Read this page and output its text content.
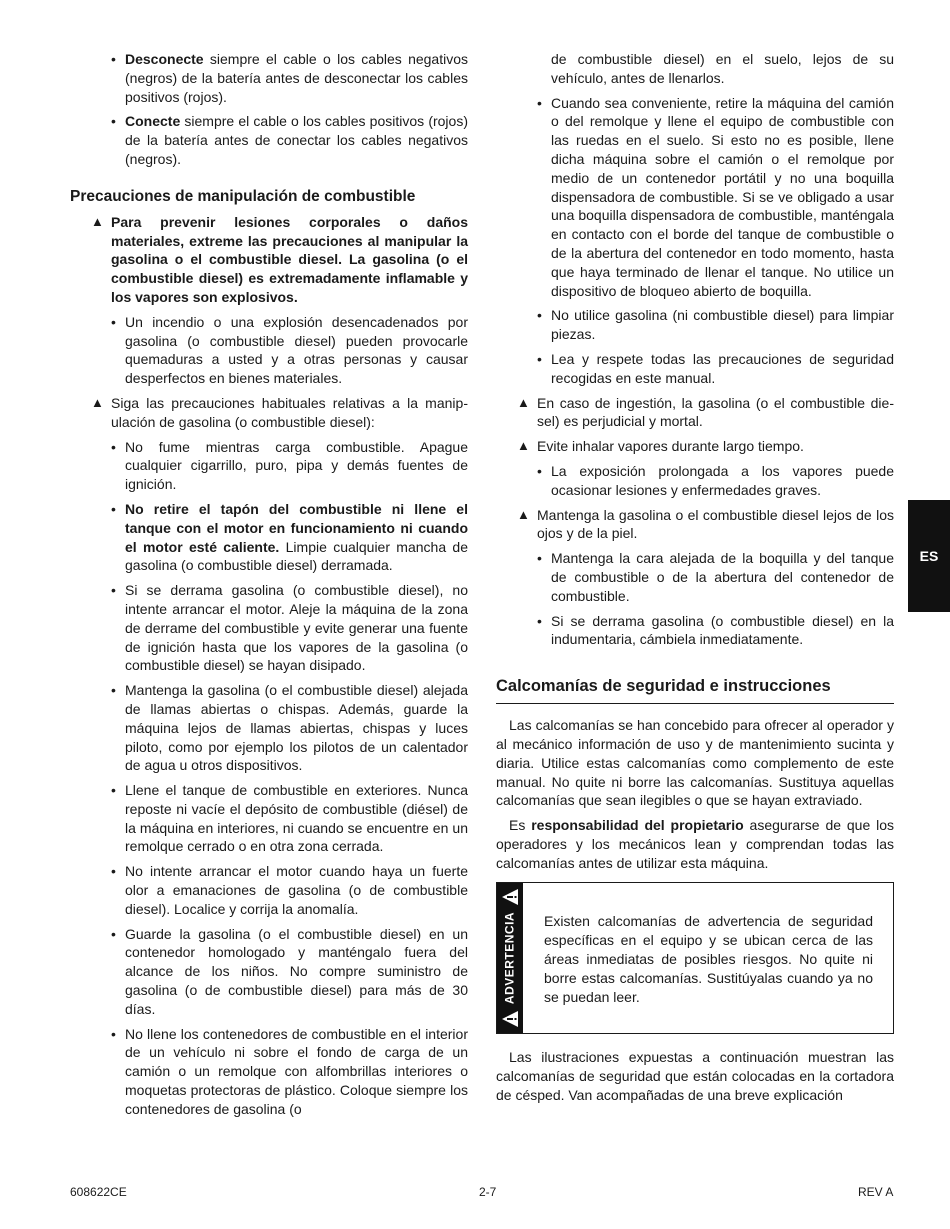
• Desconecte siempre el cable o los cables negativos (negros) de la batería antes de desconectar los cables positivos (rojos).
• Conecte siempre el cable o los cables positivos (rojos) de la batería antes de conectar los cables negativos (negros).
Precauciones de manipulación de combustible
▲ Para prevenir lesiones corporales o daños materiales, extreme las precauciones al manipular la gasolina o el combustible diesel. La gasolina (o el combustible diesel) es extremadamente inflamable y los vapores son explosivos.
• Un incendio o una explosión desencadenados por gasolina (o combustible diesel) pueden provocarle quemaduras a usted y a otras personas y causar desperfectos en bienes materiales.
▲ Siga las precauciones habituales relativas a la manipulación de gasolina (o combustible diesel):
• No fume mientras carga combustible. Apague cualquier cigarrillo, puro, pipa y demás fuentes de ignición.
• No retire el tapón del combustible ni llene el tanque con el motor en funcionamiento ni cuando el motor esté caliente. Limpie cualquier mancha de gasolina (o combustible diesel) derramada.
• Si se derrama gasolina (o combustible diesel), no intente arrancar el motor. Aleje la máquina de la zona de derrame del combustible y evite generar una fuente de ignición hasta que los vapores de la gasolina (o combustible diesel) se hayan disipado.
• Mantenga la gasolina (o el combustible diesel) alejada de llamas abiertas o chispas. Además, guarde la máquina lejos de llamas abiertas, chispas y luces piloto, como por ejemplo los pilotos de un calentador de agua u otros dispositivos.
• Llene el tanque de combustible en exteriores. Nunca reposte ni vacíe el depósito de combustible (diésel) de la máquina en interiores, ni cuando se encuentre en un remolque cerrado o en otra zona cerrada.
• No intente arrancar el motor cuando haya un fuerte olor a emanaciones de gasolina (o de combustible diesel). Localice y corrija la anomalía.
• Guarde la gasolina (o el combustible diesel) en un contenedor homologado y manténgalo fuera del alcance de los niños. No compre suministro de gasolina (o de combustible diesel) para más de 30 días.
• No llene los contenedores de combustible en el interior de un vehículo ni sobre el fondo de carga de un camión o un remolque con alfombrillas interiores o moquetas protectoras de plástico. Coloque siempre los contenedores de gasolina (o
de combustible diesel) en el suelo, lejos de su vehículo, antes de llenarlos.
• Cuando sea conveniente, retire la máquina del camión o del remolque y llene el equipo de combustible con las ruedas en el suelo. Si esto no es posible, llene dicha máquina sobre el camión o el remolque por medio de un contenedor portátil y no una boquilla dispensadora de combustible. Si se ve obligado a usar una boquilla dispensadora de combustible, manténgala en contacto con el borde del tanque de combustible o de la abertura del contenedor en todo momento, hasta que haya terminado de llenar el tanque. No utilice un dispositivo de bloqueo abierto de boquilla.
• No utilice gasolina (ni combustible diesel) para limpiar piezas.
• Lea y respete todas las precauciones de seguridad recogidas en este manual.
▲ En caso de ingestión, la gasolina (o el combustible diesel) es perjudicial y mortal.
▲ Evite inhalar vapores durante largo tiempo.
• La exposición prolongada a los vapores puede ocasionar lesiones y enfermedades graves.
▲ Mantenga la gasolina o el combustible diesel lejos de los ojos y de la piel.
• Mantenga la cara alejada de la boquilla y del tanque de combustible o de la abertura del contenedor de combustible.
• Si se derrama gasolina (o combustible diesel) en la indumentaria, cámbiela inmediatamente.
Calcomanías de seguridad e instrucciones

Las calcomanías se han concebido para ofrecer al operador y al mecánico información de uso y de mantenimiento sucinta y diaria. Utilice estas calcomanías como complemento de este manual. No quite ni borre las calcomanías. Sustituya aquellas calcomanías que sean ilegibles o que se hayan extraviado.

Es responsabilidad del propietario asegurarse de que los operadores y los mecánicos lean y comprendan todas las calcomanías antes de utilizar esta máquina.

ADVERTENCIA Existen calcomanías de advertencia de seguridad específicas en el equipo y se ubican cerca de las áreas inmediatas de posibles riesgos. No quite ni borre estas calcomanías. Sustitúyalas cuando ya no se puedan leer.

Las ilustraciones expuestas a continuación muestran las calcomanías de seguridad que están colocadas en la cortadora de césped. Van acompañadas de una breve explicación

ES
608622CE	2-7	REV A
